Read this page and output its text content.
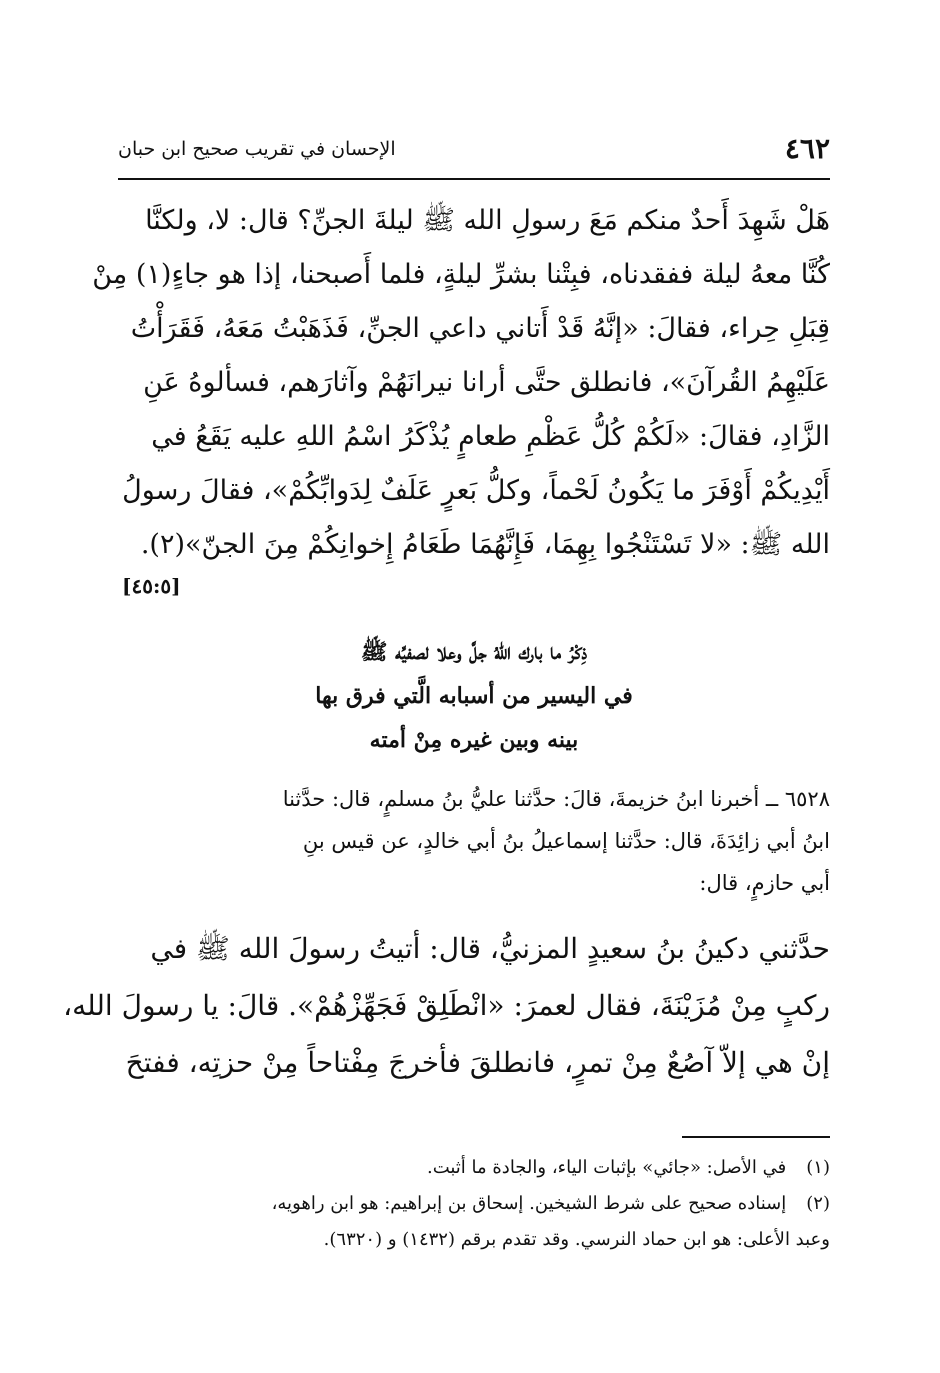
٤٦٢
الإحسان في تقريب صحيح ابن حبان
هَلْ شَهِدَ أَحدٌ منكم مَعَ رسولِ الله ﷺ ليلةَ الجنِّ؟ قال: لا، ولكنَّا
كُنَّا معهُ ليلة ففقدناه، فبِتْنا بشرِّ ليلةٍ، فلما أَصبحنا، إذا هو جاءٍ(١) مِنْ
قِبَلِ حِراء، فقالَ: «إنَّهُ قَدْ أَتاني داعي الجنِّ، فَذَهَبْتُ مَعَهُ، فَقَرَأْتُ
عَلَيْهِمُ القُرآنَ»، فانطلق حتَّى أرانا نيرانَهُمْ وآثارَهم، فسألوهُ عَنِ
الزَّادِ، فقالَ: «لَكُمْ كُلُّ عَظْمِ طعامٍ يُذْكَرُ اسْمُ اللهِ عليه يَقَعُ في
أَيْدِيكُمْ أَوْفَرَ ما يَكُونُ لَحْماً، وكلُّ بَعرٍ عَلَفٌ لِدَوابِّكُمْ»، فقالَ رسولُ
الله ﷺ: «لا تَسْتَنْجُوا بِهِمَا، فَإِنَّهُمَا طَعَامُ إِخوانِكُمْ مِنَ الجنّ»(٢).
[٤٥:٥]
ذِكْرُ ما بارك اللّهُ جلَّ وعلا لصفيِّه ﷺ
في اليسير من أسبابه الَّتي فرق بها
بينه وبين غيره مِنْ أمته
٦٥٢٨ ــ أخبرنا ابنُ خزيمةَ، قالَ: حدَّثنا عليُّ بنُ مسلمٍ، قال: حدَّثنا
ابنُ أبي زائِدَةَ، قال: حدَّثنا إسماعيلُ بنُ أبي خالدٍ، عن قيس بنِ
أبي حازمٍ، قال:
حدَّثني دكينُ بنُ سعيدٍ المزنيُّ، قال: أتيتُ رسولَ الله ﷺ في
ركبٍ مِنْ مُزَيْنَةَ، فقال لعمرَ: «انْطَلِقْ فَجَهِّزْهُمْ». قالَ: يا رسولَ الله،
إنْ هي إلاّ آصُعٌ مِنْ تمرٍ، فانطلقَ فأخرجَ مِفْتاحاً مِنْ حزتِه، ففتحَ
(١) في الأصل: «جائي» بإثبات الياء، والجادة ما أثبت.
(٢) إسناده صحيح على شرط الشيخين. إسحاق بن إبراهيم: هو ابن راهويه،
وعبد الأعلى: هو ابن حماد النرسي. وقد تقدم برقم (١٤٣٢) و (٦٣٢٠).
